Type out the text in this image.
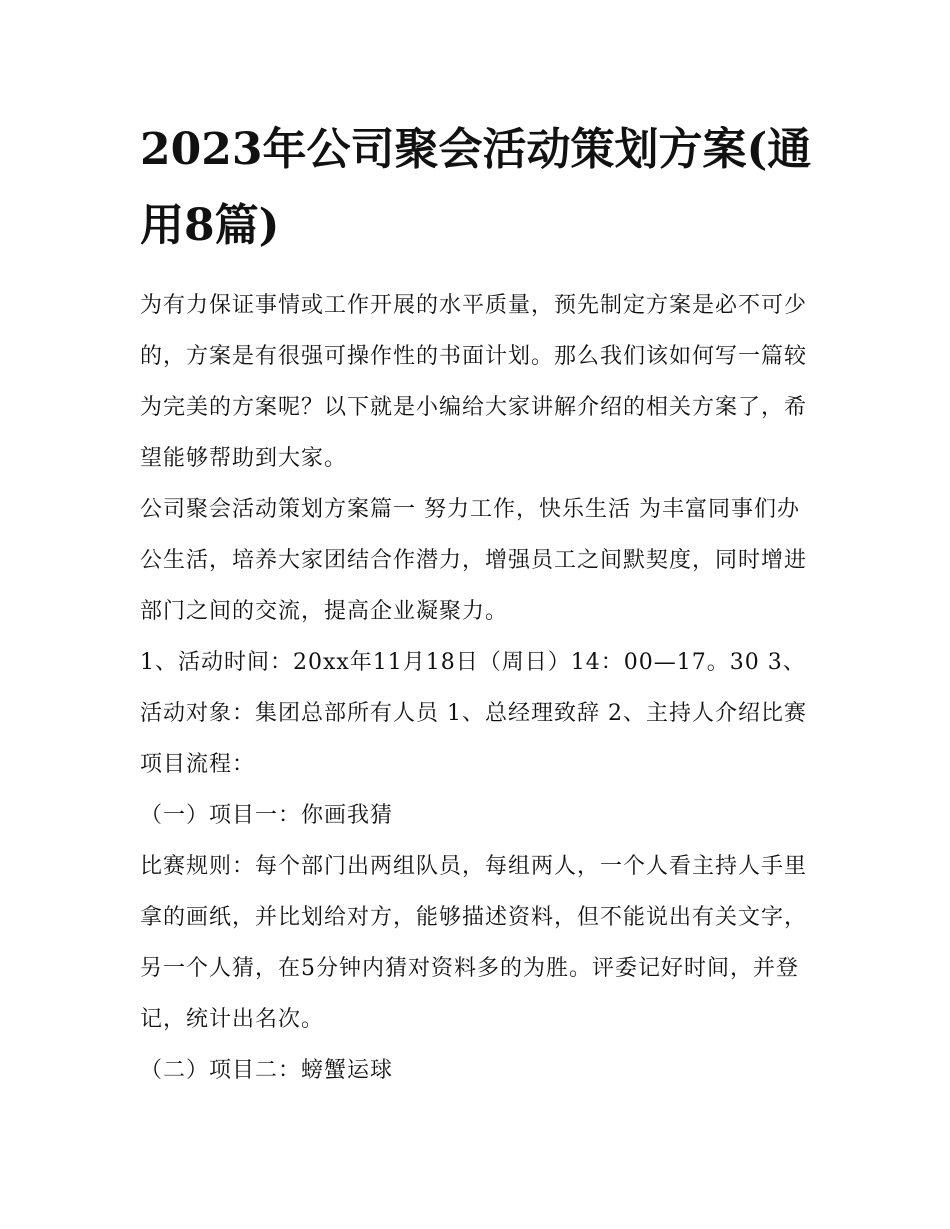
2023年公司聚会活动策划方案(通用8篇)

为有力保证事情或工作开展的水平质量，预先制定方案是必不可少的，方案是有很强可操作性的书面计划。那么我们该如何写一篇较为完美的方案呢？以下就是小编给大家讲解介绍的相关方案了，希望能够帮助到大家。

公司聚会活动策划方案篇一 努力工作，快乐生活 为丰富同事们办公生活，培养大家团结合作潜力，增强员工之间默契度，同时增进部门之间的交流，提高企业凝聚力。

1、活动时间：20xx年11月18日（周日）14：00—17。30 3、活动对象：集团总部所有人员 1、总经理致辞 2、主持人介绍比赛项目流程：

（一）项目一：你画我猜

比赛规则：每个部门出两组队员，每组两人，一个人看主持人手里拿的画纸，并比划给对方，能够描述资料，但不能说出有关文字，另一个人猜，在5分钟内猜对资料多的为胜。评委记好时间，并登记，统计出名次。

（二）项目二：螃蟹运球
